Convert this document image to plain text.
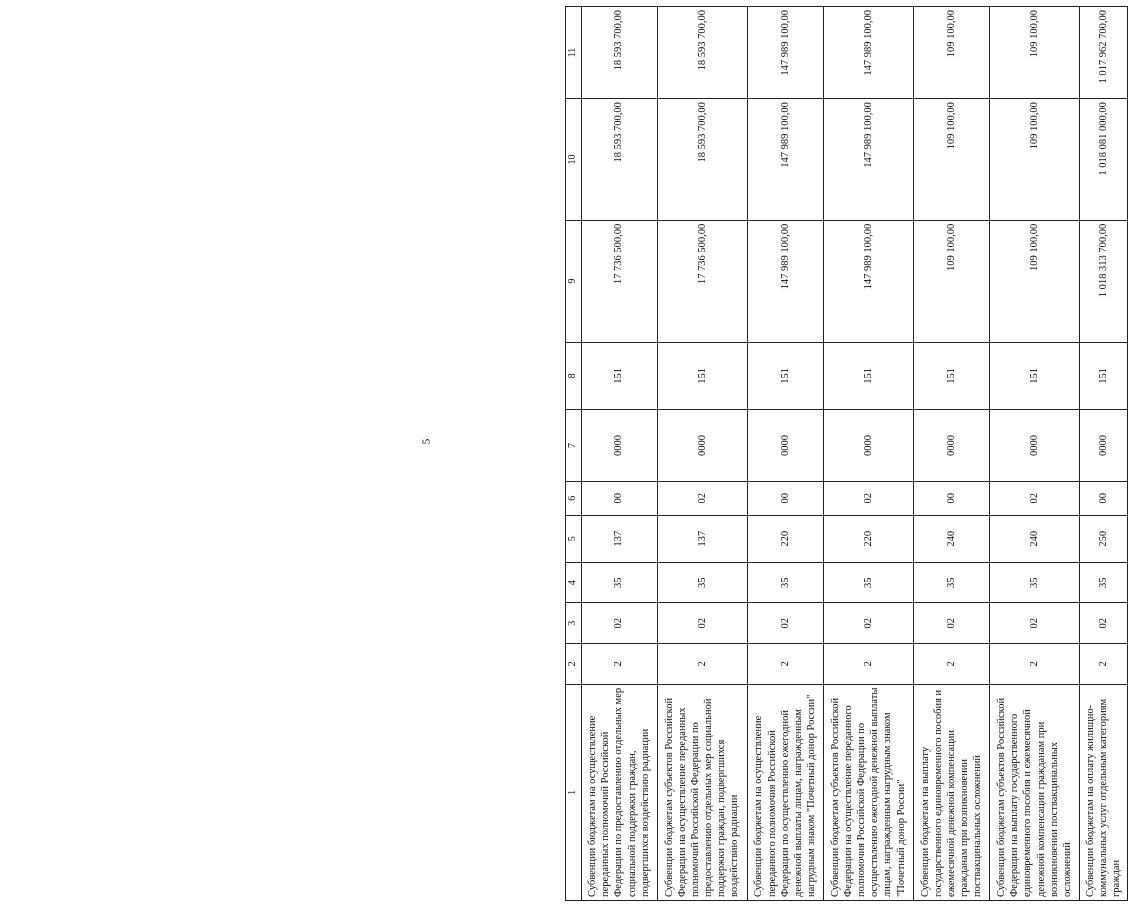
5
1	2	3	4	5	6	7	8	9	10	11
Субвенции бюджетам на осуществление переданных полномочий Российской Федерации по предоставлению отдельных мер социальной поддержки граждан, подвергшихся воздействию радиации	2	02	35	137	00	0000	151	17 736 500,00	18 593 700,00	18 593 700,00
Субвенции бюджетам субъектов Российской Федерации на осуществление переданных полномочий Российской Федерации по предоставлению отдельных мер социальной поддержки граждан, подвергшихся воздействию радиации	2	02	35	137	02	0000	151	17 736 500,00	18 593 700,00	18 593 700,00
Субвенции бюджетам на осуществление переданного полномочия Российской Федерации по осуществлению ежегодной денежной выплаты лицам, награжденным нагрудным знаком "Почетный донор России"	2	02	35	220	00	0000	151	147 989 100,00	147 989 100,00	147 989 100,00
Субвенции бюджетам субъектов Российской Федерации на осуществление переданного полномочия Российской Федерации по осуществлению ежегодной денежной выплаты лицам, награжденным нагрудным знаком "Почетный донор России"	2	02	35	220	02	0000	151	147 989 100,00	147 989 100,00	147 989 100,00
Субвенции бюджетам на выплату государственного единовременного пособия и ежемесячной денежной компенсации гражданам при возникновении поствакцинальных осложнений	2	02	35	240	00	0000	151	109 100,00	109 100,00	109 100,00
Субвенции бюджетам субъектов Российской Федерации на выплату государственного единовременного пособия и ежемесячной денежной компенсации гражданам при возникновении поствакцинальных осложнений	2	02	35	240	02	0000	151	109 100,00	109 100,00	109 100,00
Субвенции бюджетам на оплату жилищно-коммунальных услуг отдельным категориям граждан	2	02	35	250	00	0000	151	1 018 313 700,00	1 018 081 000,00	1 017 962 700,00
